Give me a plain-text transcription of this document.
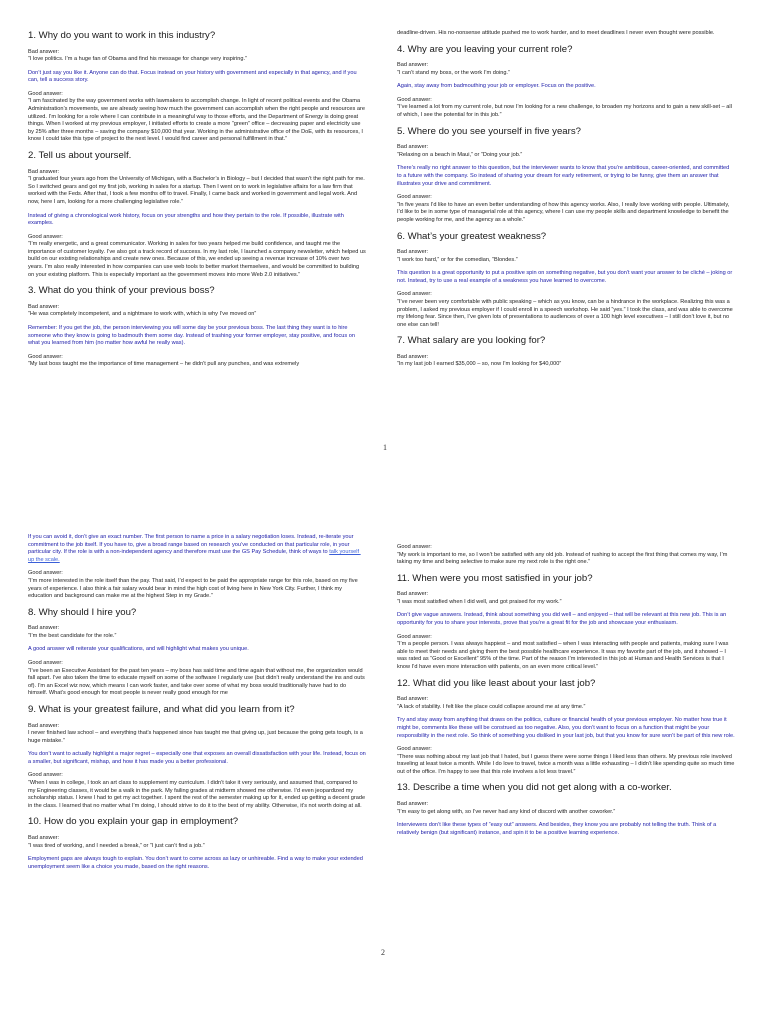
1. Why do you want to work in this industry?
Bad answer:
“I love politics. I’m a huge fan of Obama and find his message for change very inspiring.”
Don’t just say you like it. Anyone can do that. Focus instead on your history with government and especially in that agency, and if you can, tell a success story.
Good answer:
“I am fascinated by the way government works with lawmakers to accomplish change. In light of recent political events and the Obama Administration’s movements, we are already seeing how much the government can accomplish when the right people and resources are utilized. I’m looking for a role where I can contribute in a meaningful way to those efforts, and the Department of Energy is doing great things. When I worked at my previous employer, I initiated efforts to create a more “green” office – decreasing paper and electricity use by 25% after three months – saving the company $10,000 that year. Working in the administrative office of the DoE, with its resources, I know I could take this type of project to the next level. I would find career and personal fulfillment in that.”
2. Tell us about yourself.
Bad answer:
“I graduated four years ago from the University of Michigan, with a Bachelor’s in Biology – but I decided that wasn’t the right path for me. So I switched gears and got my first job, working in sales for a startup. Then I went on to work in legislative affairs for a law firm that worked with the Feds. After that, I took a few months off to travel. Finally, I came back and worked in government and legal work. And now, here I am, looking for a more challenging legislative role.”
Instead of giving a chronological work history, focus on your strengths and how they pertain to the role. If possible, illustrate with examples.
Good answer:
“I’m really energetic, and a great communicator. Working in sales for two years helped me build confidence, and taught me the importance of customer loyalty. I’ve also got a track record of success. In my last role, I launched a company newsletter, which helped us build on our existing relationships and create new ones. Because of this, we ended up seeing a revenue increase of 10% over two years. I’m also really interested in how companies can use web tools to better market themselves, and would be committed to building on your existing platform. This is especially important as the government moves into more Web 2.0 initiatives.”
3. What do you think of your previous boss?
Bad answer:
“He was completely incompetent, and a nightmare to work with, which is why I’ve moved on”
Remember: If you get the job, the person interviewing you will some day be your previous boss. The last thing they want is to hire someone who they know is going to badmouth them some day. Instead of trashing your former employer, stay positive, and focus on what you learned from him (no matter how awful he really was).
Good answer:
“My last boss taught me the importance of time management – he didn’t pull any punches, and was extremely
deadline-driven. His no-nonsense attitude pushed me to work harder, and to meet deadlines I never even thought were possible.
4. Why are you leaving your current role?
Bad answer:
“I can’t stand my boss, or the work I’m doing.”
Again, stay away from badmouthing your job or employer. Focus on the positive.
Good answer:
“I’ve learned a lot from my current role, but now I’m looking for a new challenge, to broaden my horizons and to gain a new skill-set – all of which, I see the potential for in this job.”
5. Where do you see yourself in five years?
Bad answer:
“Relaxing on a beach in Maui,” or “Doing your job.”
There’s really no right answer to this question, but the interviewer wants to know that you’re ambitious, career-oriented, and committed to a future with the company. So instead of sharing your dream for early retirement, or trying to be funny, give them an answer that illustrates your drive and commitment.
Good answer:
“In five years I’d like to have an even better understanding of how this agency works. Also, I really love working with people. Ultimately, I’d like to be in some type of managerial role at this agency, where I can use my people skills and department knowledge to benefit the people working for me, and the agency as a whole.”
6. What’s your greatest weakness?
Bad answer:
“I work too hard,” or for the comedian, “Blondes.”
This question is a great opportunity to put a positive spin on something negative, but you don’t want your answer to be cliché – joking or not. Instead, try to use a real example of a weakness you have learned to overcome.
Good answer:
“I’ve never been very comfortable with public speaking – which as you know, can be a hindrance in the workplace. Realizing this was a problem, I asked my previous employer if I could enroll in a speech workshop. He said “yes.” I took the class, and was able to overcome my lifelong fear. Since then, I’ve given lots of presentations to audiences of over a 100 high level executives – I still don’t love it, but no one else can tell!
7. What salary are you looking for?
Bad answer:
“In my last job I earned $35,000 – so, now I’m looking for $40,000”
1
If you can avoid it, don’t give an exact number. The first person to name a price in a salary negotiation loses. Instead, re-iterate your commitment to the job itself. If you have to, give a broad range based on research you’ve conducted on that particular role, in your particular city. If the role is with a non-independent agency and therefore must use the GS Pay Schedule, think of ways to talk yourself up the scale.
Good answer:
“I’m more interested in the role itself than the pay. That said, I’d expect to be paid the appropriate range for this role, based on my five years of experience. I also think a fair salary would bear in mind the high cost of living here in New York City. Further, I think my education and background can make me at the highest Step in my Grade.”
8. Why should I hire you?
Bad answer:
“I’m the best candidate for the role.”
A good answer will reiterate your qualifications, and will highlight what makes you unique.
Good answer:
“I’ve been an Executive Assistant for the past ten years – my boss has said time and time again that without me, the organization would fall apart. I’ve also taken the time to educate myself on some of the software I regularly use (but didn’t really understand the ins and outs of). I’m an Excel wiz now, which means I can work faster, and take over some of what my boss would traditionally have had to do himself. What’s good enough for most people is never really good enough for me
9. What is your greatest failure, and what did you learn from it?
Bad answer:
I never finished law school – and everything that’s happened since has taught me that giving up, just because the going gets tough, is a huge mistake.”
You don’t want to actually highlight a major regret – especially one that exposes an overall dissatisfaction with your life. Instead, focus on a smaller, but significant, mishap, and how it has made you a better professional.
Good answer:
“When I was in college, I took an art class to supplement my curriculum. I didn’t take it very seriously, and assumed that, compared to my Engineering classes, it would be a walk in the park. My failing grades at midterm showed me otherwise. I’d even jeopardized my scholarship status. I knew I had to get my act together. I spent the rest of the semester making up for it, ended up getting a decent grade in the class. I learned that no matter what I’m doing, I should strive to do it to the best of my ability. Otherwise, it’s not worth doing at all.
10. How do you explain your gap in employment?
Bad answer:
“I was tired of working, and I needed a break,” or “I just can’t find a job.”
Employment gaps are always tough to explain. You don’t want to come across as lazy or unhireable. Find a way to make your extended unemployment seem like a choice you made, based on the right reasons.
Good answer:
“My work is important to me, so I won’t be satisfied with any old job. Instead of rushing to accept the first thing that comes my way, I’m taking my time and being selective to make sure my next role is the right one.”
11. When were you most satisfied in your job?
Bad answer:
“I was most satisfied when I did well, and got praised for my work.”
Don’t give vague answers. Instead, think about something you did well – and enjoyed – that will be relevant at this new job. This is an opportunity for you to share your interests, prove that you’re a great fit for the job and showcase your enthusiasm.
Good answer:
“I’m a people person. I was always happiest – and most satisfied – when I was interacting with people and patients, making sure I was able to meet their needs and giving them the best possible healthcare experience. It was my favorite part of the job, and it showed – I was rated as “Good or Excellent” 95% of the time. Part of the reason I’m interested in this job at Human and Health Services is that I know I’d have even more interaction with patients, on an even more critical level.”
12. What did you like least about your last job?
Bad answer:
“A lack of stability. I felt like the place could collapse around me at any time.”
Try and stay away from anything that draws on the politics, culture or financial health of your previous employer. No matter how true it might be, comments like these will be construed as too negative. Also, you don’t want to focus on a function that might be your responsibility in the next role. So think of something you disliked in your last job, but that you know for sure won’t be part of this new role.
Good answer:
“There was nothing about my last job that I hated, but I guess there were some things I liked less than others. My previous role involved traveling at least twice a month. While I do love to travel, twice a month was a little exhausting – I didn’t like spending quite so much time out of the office. I’m happy to see that this role involves a lot less travel.”
13. Describe a time when you did not get along with a co-worker.
Bad answer:
“I’m easy to get along with, so I’ve never had any kind of discord with another coworker.”
Interviewers don’t like these types of “easy out” answers. And besides, they know you are probably not telling the truth. Think of a relatively benign (but significant) instance, and spin it to be a positive learning experience.
2
